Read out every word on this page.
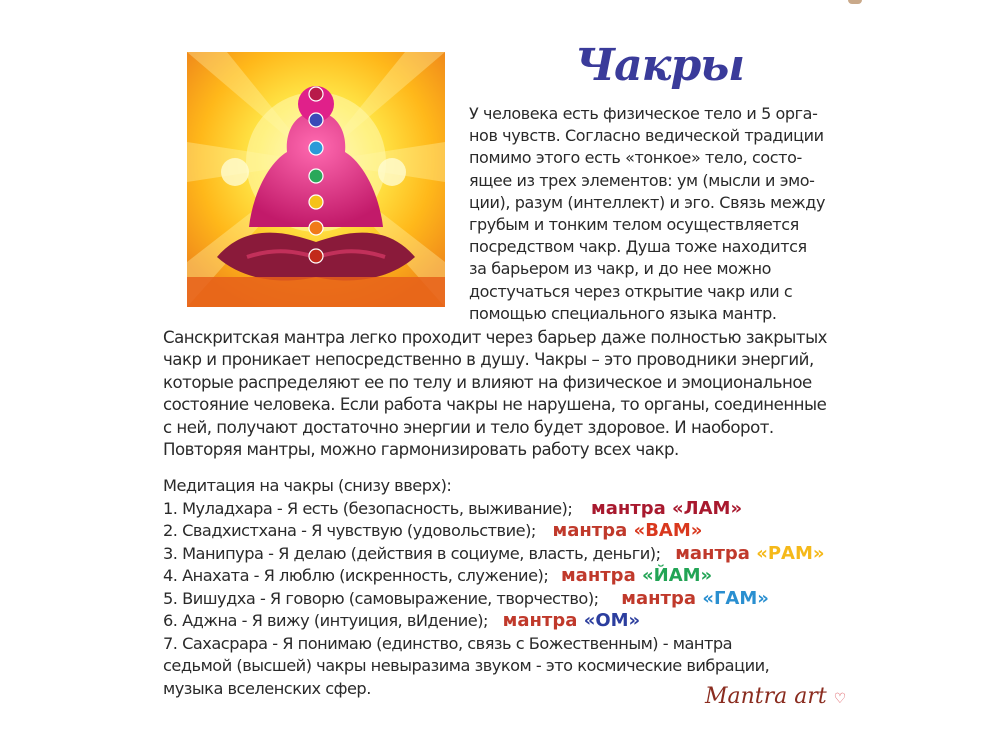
Чакры
У человека есть физическое тело и 5 орга-
нов чувств. Согласно ведической традиции
помимо этого есть «тонкое» тело, состо-
ящее из трех элементов: ум (мысли и эмо-
ции), разум (интеллект) и эго. Связь между
грубым и тонким телом осуществляется
посредством чакр. Душа тоже находится
за барьером из чакр, и до нее можно
достучаться через открытие чакр или с
помощью специального языка мантр.
Санскритская мантра легко проходит через барьер даже полностью закрытых
чакр и проникает непосредственно в душу. Чакры – это проводники энергий,
которые распределяют ее по телу и влияют на физическое и эмоциональное
состояние человека. Если работа чакры не нарушена, то органы, соединенные
с ней, получают достаточно энергии и тело будет здоровое. И наоборот.
Повторяя мантры, можно гармонизировать работу всех чакр.
Медитация на чакры (снизу вверх):
1. Муладхара - Я есть (безопасность, выживание); мантра «ЛАМ»
2. Свадхистхана - Я чувствую (удовольствие); мантра «ВАМ»
3. Манипура - Я делаю (действия в социуме, власть, деньги); мантра «РАМ»
4. Анахата - Я люблю (искренность, служение); мантра «ЙАМ»
5. Вишудха - Я говорю (самовыражение, творчество); мантра «ГАМ»
6. Аджна - Я вижу (интуиция, вИдение); мантра «ОМ»
7. Сахасрара - Я понимаю (единство, связь с Божественным) - мантра
седьмой (высшей) чакры невыразима звуком - это космические вибрации,
музыка вселенских сфер.	Mantra art ♡
